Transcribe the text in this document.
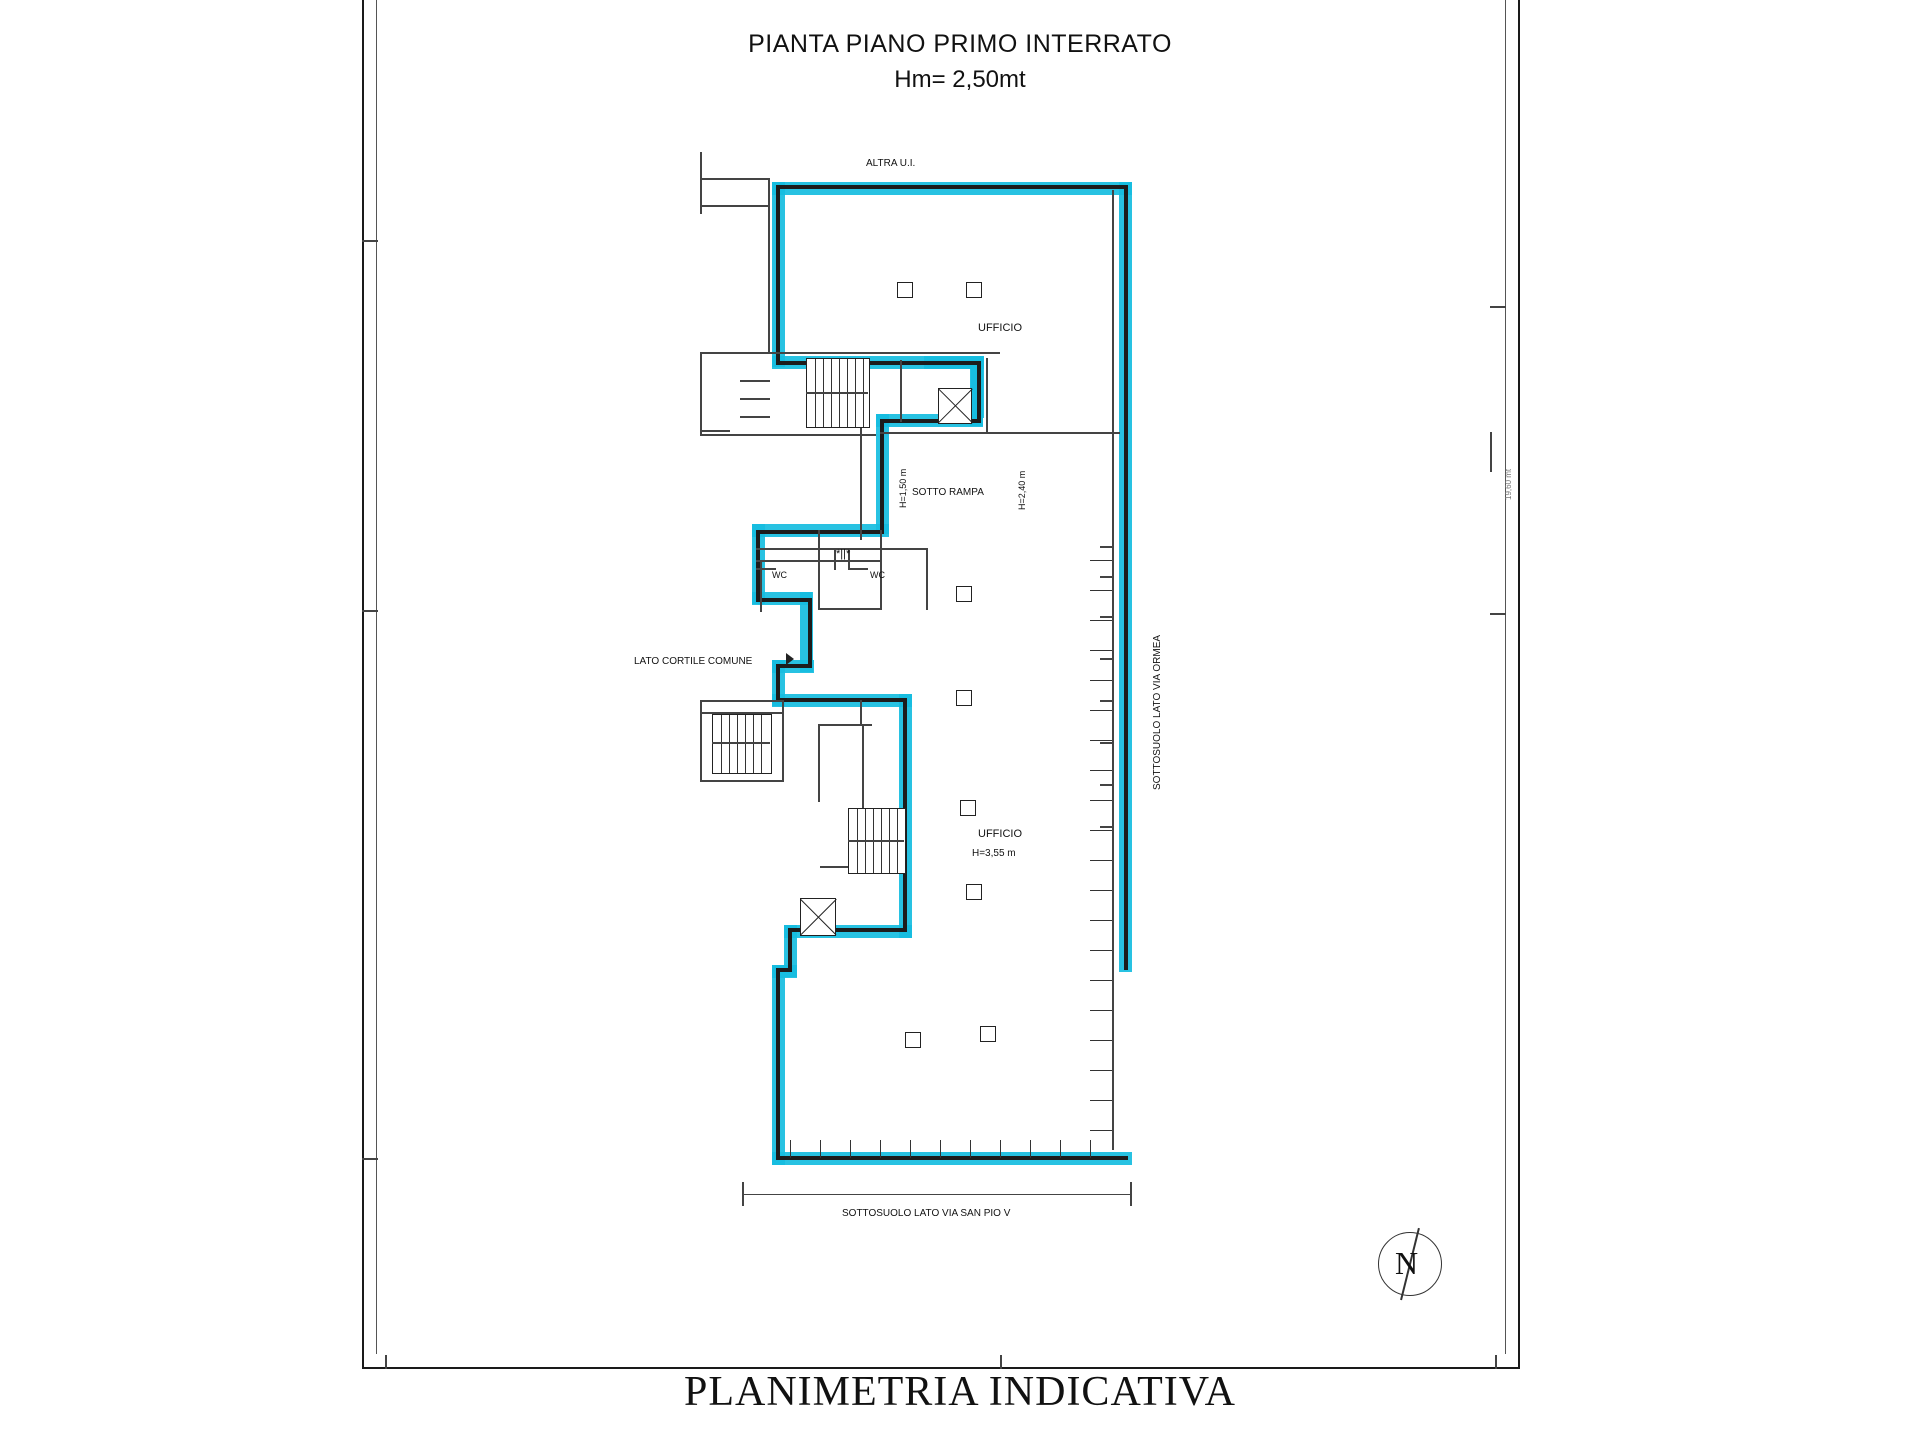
19,60 mt
PIANTA PIANO PRIMO INTERRATO
Hm= 2,50mt
PLANIMETRIA INDICATIVA
ALTRA U.I.
SOTTO RAMPA
H=1,50 m	H=2,40 m
WC	WC
*||*
LATO CORTILE COMUNE
UFFICIO
UFFICIO
H=3,55 m
SOTTOSUOLO LATO VIA ORMEA
SOTTOSUOLO LATO VIA SAN PIO V
N
